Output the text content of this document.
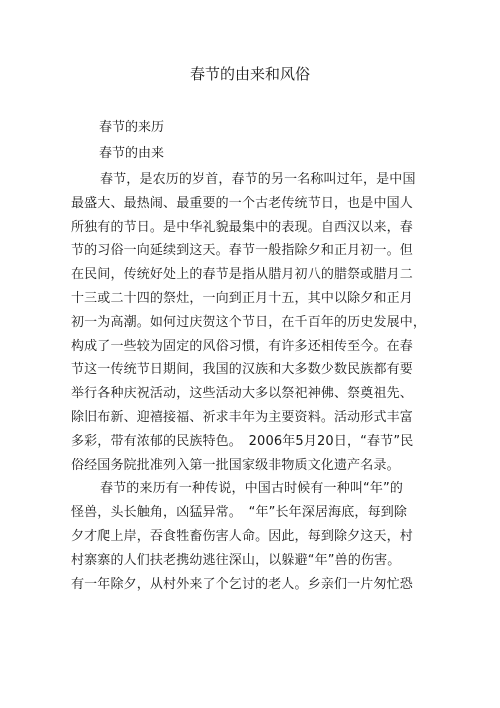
春节的由来和风俗
春节的来历
春节的由来
春节，是农历的岁首，春节的另一名称叫过年，是中国
最盛大、最热闹、最重要的一个古老传统节日，也是中国人
所独有的节日。是中华礼貌最集中的表现。自西汉以来，春
节的习俗一向延续到这天。春节一般指除夕和正月初一。但
在民间，传统好处上的春节是指从腊月初八的腊祭或腊月二
十三或二十四的祭灶，一向到正月十五，其中以除夕和正月
初一为高潮。如何过庆贺这个节日，在千百年的历史发展中，
构成了一些较为固定的风俗习惯，有许多还相传至今。在春
节这一传统节日期间，我国的汉族和大多数少数民族都有要
举行各种庆祝活动，这些活动大多以祭祀神佛、祭奠祖先、
除旧布新、迎禧接福、祈求丰年为主要资料。活动形式丰富
多彩，带有浓郁的民族特色。　2006年5月20日，“春节”民
俗经国务院批准列入第一批国家级非物质文化遗产名录。
春节的来历有一种传说，中国古时候有一种叫“年”的
怪兽，头长触角，凶猛异常。　“年”长年深居海底，每到除
夕才爬上岸，吞食牲畜伤害人命。因此，每到除夕这天，村
村寨寨的人们扶老携幼逃往深山，以躲避“年”兽的伤害。
有一年除夕，从村外来了个乞讨的老人。乡亲们一片匆忙恐
